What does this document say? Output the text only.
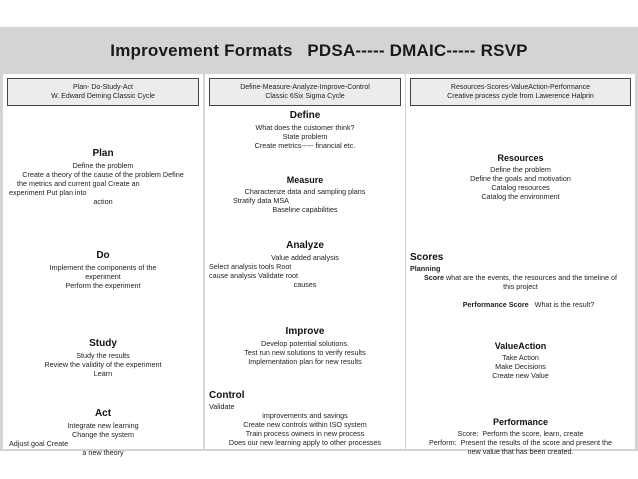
Improvement Formats   PDSA----- DMAIC----- RSVP
Plan- Do-Study-Act
W. Edward Deming Classic Cycle
Plan
Define the problem
Create a theory of the cause of the problem Define
the metrics and current goal Create an
experiment Put plan into
action
Do
Implement the components of the
experiment
Perform the experiment
Study
Study the results
Review the validity of the experiment
Learn
Act
Integrate new learning
Change the system
Adjust goal Create
a new theory
Define-Measure-Analyze-Improve-Control
Classic 6Six Sigma Cycle
Define
What does the customer think?
State problem
Create metrics----- financial etc.
Measure
Characterize data and sampling plans
Stratify data MSA
Baseline capabilities
Analyze
Value added analysis
Select analysis tools Root
cause analysis Validate root
causes
Improve
Develop potential solutions.
Test run new solutions to verify results
Implementation plan for new results
Control
Validate
improvements and savings
Create new controls within ISO system
Train process owners in new process
Does our new learning apply to other processes
Resources-Scores-ValueAction-Performance
Creative process cycle from Lawerence Halprin
Resources
Define the problem
Define the goals and motivation
Catalog resources
Catalog the environment
Scores
Planning
Score what are the events, the resources and the timeline of
this project

Performance Score   What is the result?

ValueAction
Take Action
Make Decisions
Create new Value
Performance
Score:  Perform the score, learn, create
Perform:  Present the results of the score and present the
new value that has been created.
